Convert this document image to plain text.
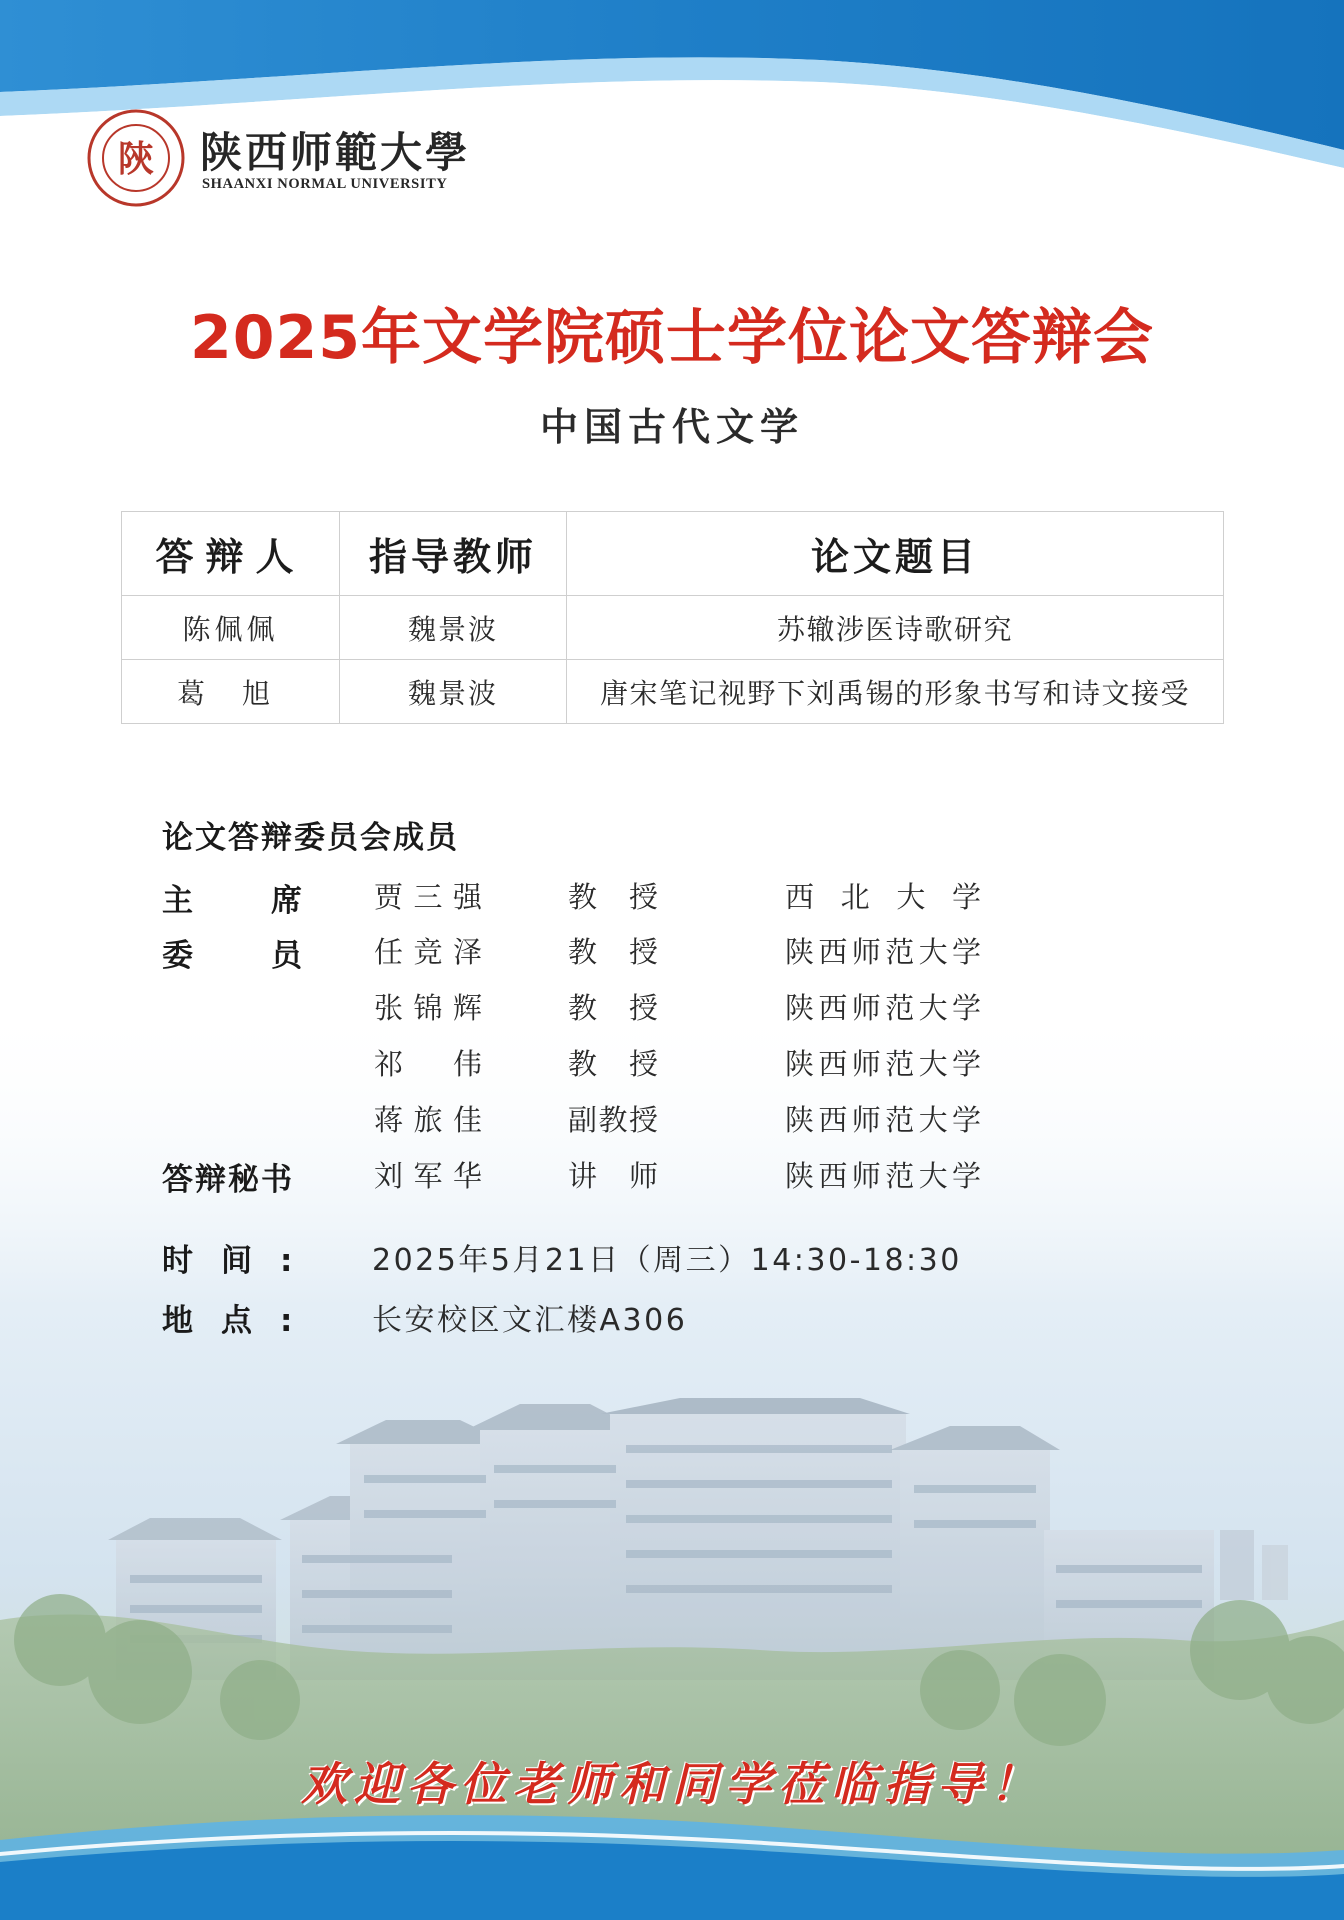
陝 陕西师範大學
SHAANXI NORMAL UNIVERSITY
2025年文学院硕士学位论文答辩会
中国古代文学
答辩人	指导教师	论文题目
陈佩佩	魏景波	苏辙涉医诗歌研究
葛 旭	魏景波	唐宋笔记视野下刘禹锡的形象书写和诗文接受
论文答辩委员会成员
主席 贾三强	教授	西北大学
委员 任竞泽	教授	陕西师范大学
张锦辉	教授	陕西师范大学
祁伟	教授	陕西师范大学
蒋旅佳	副教授	陕西师范大学
答辩秘书	刘军华	讲师	陕西师范大学
时间: 2025年5月21日（周三）14:30-18:30
地点: 长安校区文汇楼A306
欢迎各位老师和同学莅临指导！
